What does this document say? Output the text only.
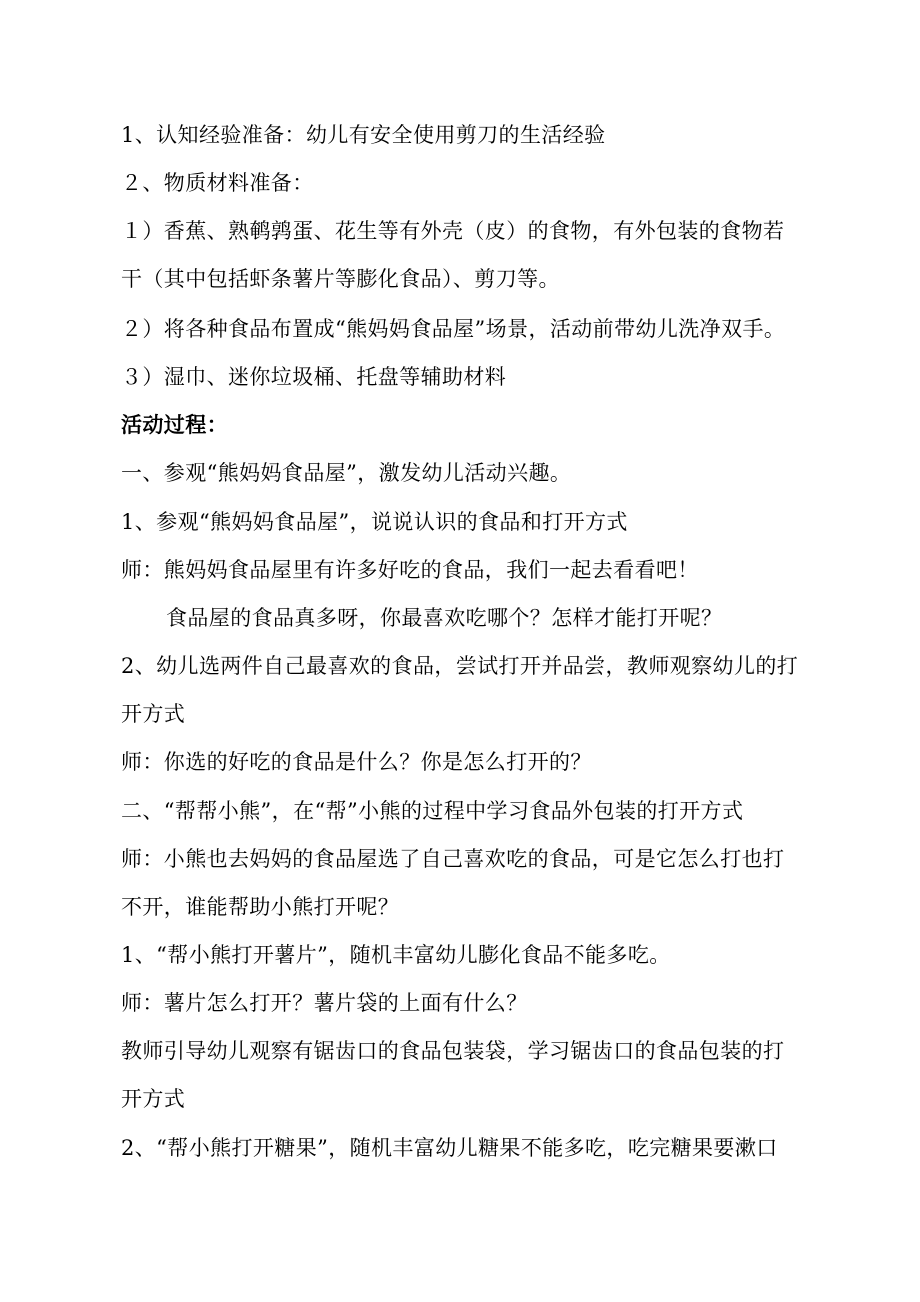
1、认知经验准备：幼儿有安全使用剪刀的生活经验
２、物质材料准备：
１）香蕉、熟鹌鹑蛋、花生等有外壳（皮）的食物，有外包装的食物若
干（其中包括虾条薯片等膨化食品）、剪刀等。
２）将各种食品布置成“熊妈妈食品屋”场景，活动前带幼儿洗净双手。
３）湿巾、迷你垃圾桶、托盘等辅助材料
活动过程：
一、参观“熊妈妈食品屋”，激发幼儿活动兴趣。
1、参观“熊妈妈食品屋”，说说认识的食品和打开方式
师：熊妈妈食品屋里有许多好吃的食品，我们一起去看看吧！
食品屋的食品真多呀，你最喜欢吃哪个？怎样才能打开呢？
2、幼儿选两件自己最喜欢的食品，尝试打开并品尝，教师观察幼儿的打
开方式
师：你选的好吃的食品是什么？你是怎么打开的？
二、“帮帮小熊”，在“帮”小熊的过程中学习食品外包装的打开方式
师：小熊也去妈妈的食品屋选了自己喜欢吃的食品，可是它怎么打也打
不开，谁能帮助小熊打开呢？
1、“帮小熊打开薯片”，随机丰富幼儿膨化食品不能多吃。
师：薯片怎么打开？薯片袋的上面有什么？
教师引导幼儿观察有锯齿口的食品包装袋，学习锯齿口的食品包装的打
开方式
2、“帮小熊打开糖果”，随机丰富幼儿糖果不能多吃，吃完糖果要漱口
